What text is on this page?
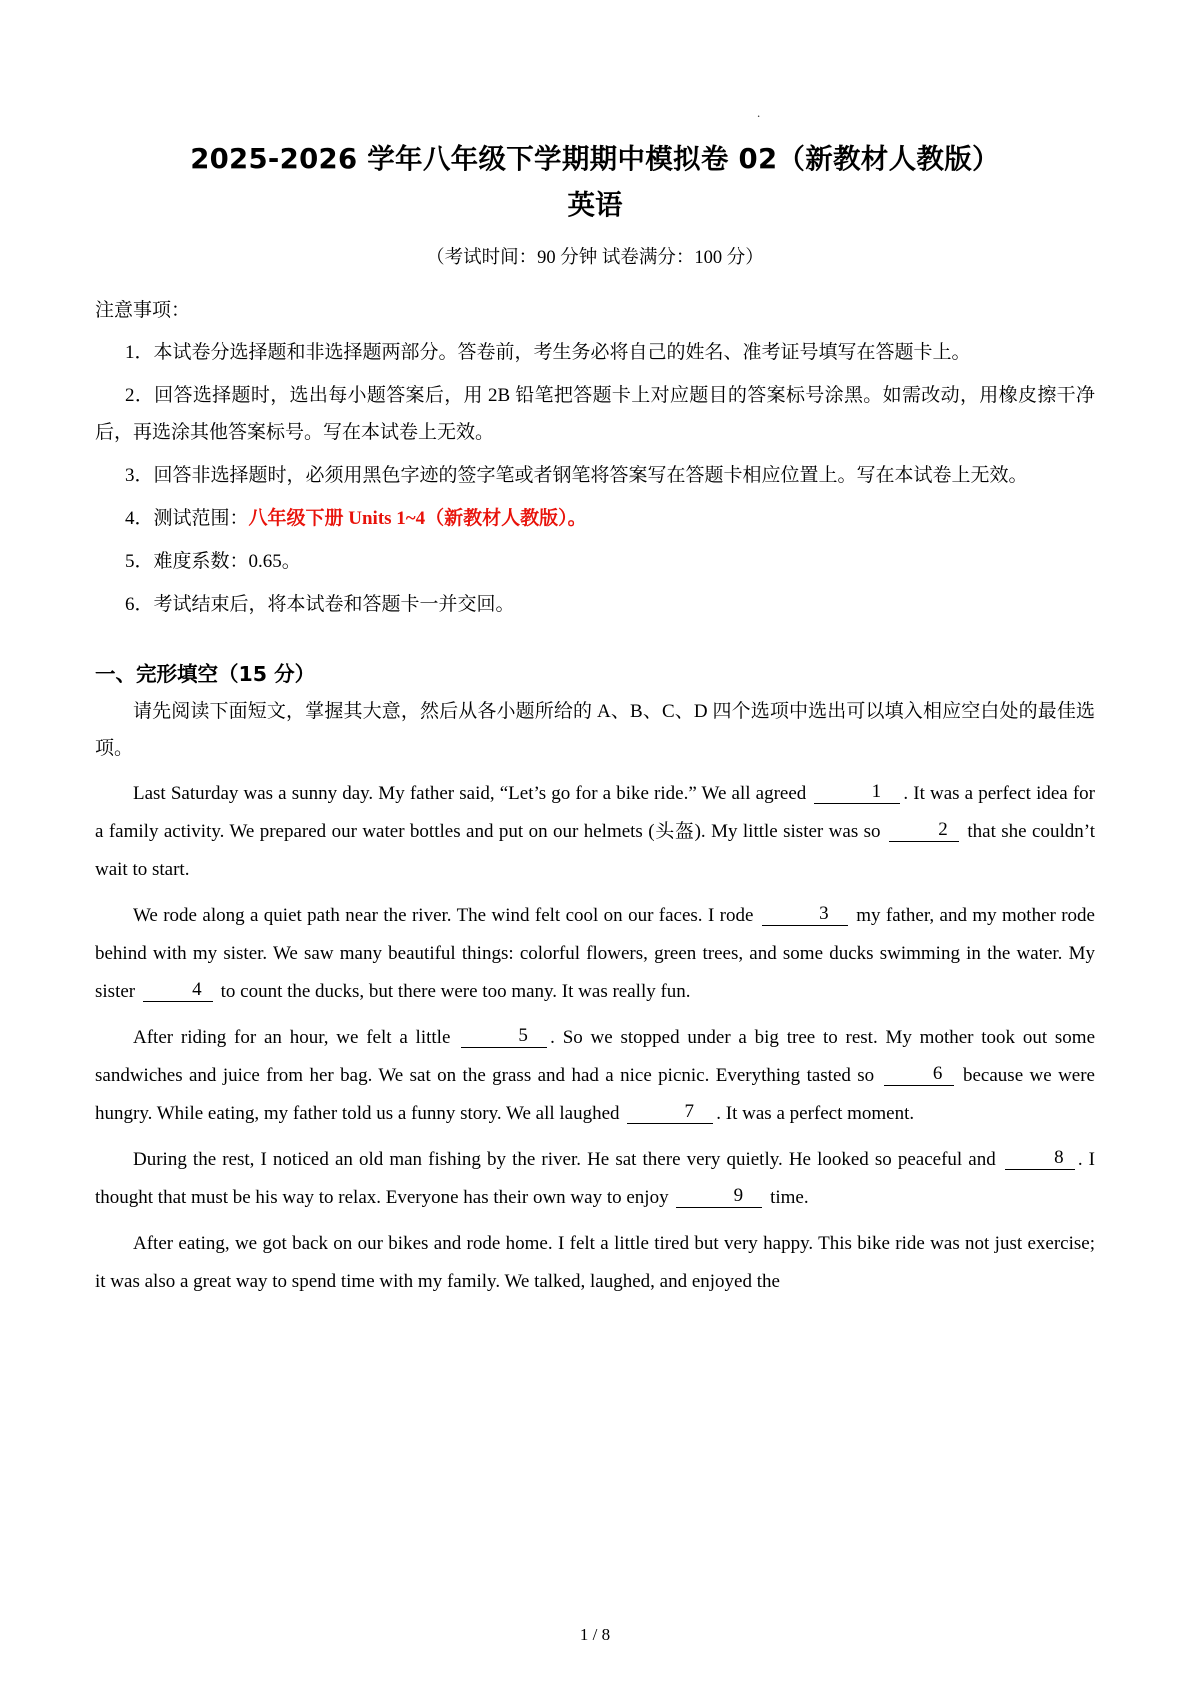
.
2025-2026 学年八年级下学期期中模拟卷 02（新教材人教版）
英语
（考试时间：90 分钟 试卷满分：100 分）
注意事项：

1．本试卷分选择题和非选择题两部分。答卷前，考生务必将自己的姓名、准考证号填写在答题卡上。

2．回答选择题时，选出每小题答案后，用 2B 铅笔把答题卡上对应题目的答案标号涂黑。如需改动，用橡皮擦干净后，再选涂其他答案标号。写在本试卷上无效。

3．回答非选择题时，必须用黑色字迹的签字笔或者钢笔将答案写在答题卡相应位置上。写在本试卷上无效。

4．测试范围：八年级下册 Units 1~4（新教材人教版）。

5．难度系数：0.65。

6．考试结束后，将本试卷和答题卡一并交回。

一、完形填空（15 分）

请先阅读下面短文，掌握其大意，然后从各小题所给的 A、B、C、D 四个选项中选出可以填入相应空白处的最佳选项。

Last Saturday was a sunny day. My father said, “Let’s go for a bike ride.” We all agreed	1 . It was a perfect idea for a family activity. We prepared our water bottles and put on our helmets (头盔). My little sister was so	2 that she couldn’t wait to start.

We rode along a quiet path near the river. The wind felt cool on our faces. I rode	3 my father, and my mother rode behind with my sister. We saw many beautiful things: colorful flowers, green trees, and some ducks swimming in the water. My sister	4 to count the ducks, but there were too many. It was really fun.

After riding for an hour, we felt a little	5 . So we stopped under a big tree to rest. My mother took out some sandwiches and juice from her bag. We sat on the grass and had a nice picnic. Everything tasted so	6 because we were hungry. While eating, my father told us a funny story. We all laughed	7 . It was a perfect moment.

During the rest, I noticed an old man fishing by the river. He sat there very quietly. He looked so peaceful and	8 . I thought that must be his way to relax. Everyone has their own way to enjoy	9 time.

After eating, we got back on our bikes and rode home. I felt a little tired but very happy. This bike ride was not just exercise; it was also a great way to spend time with my family. We talked, laughed, and enjoyed the

1 / 8
